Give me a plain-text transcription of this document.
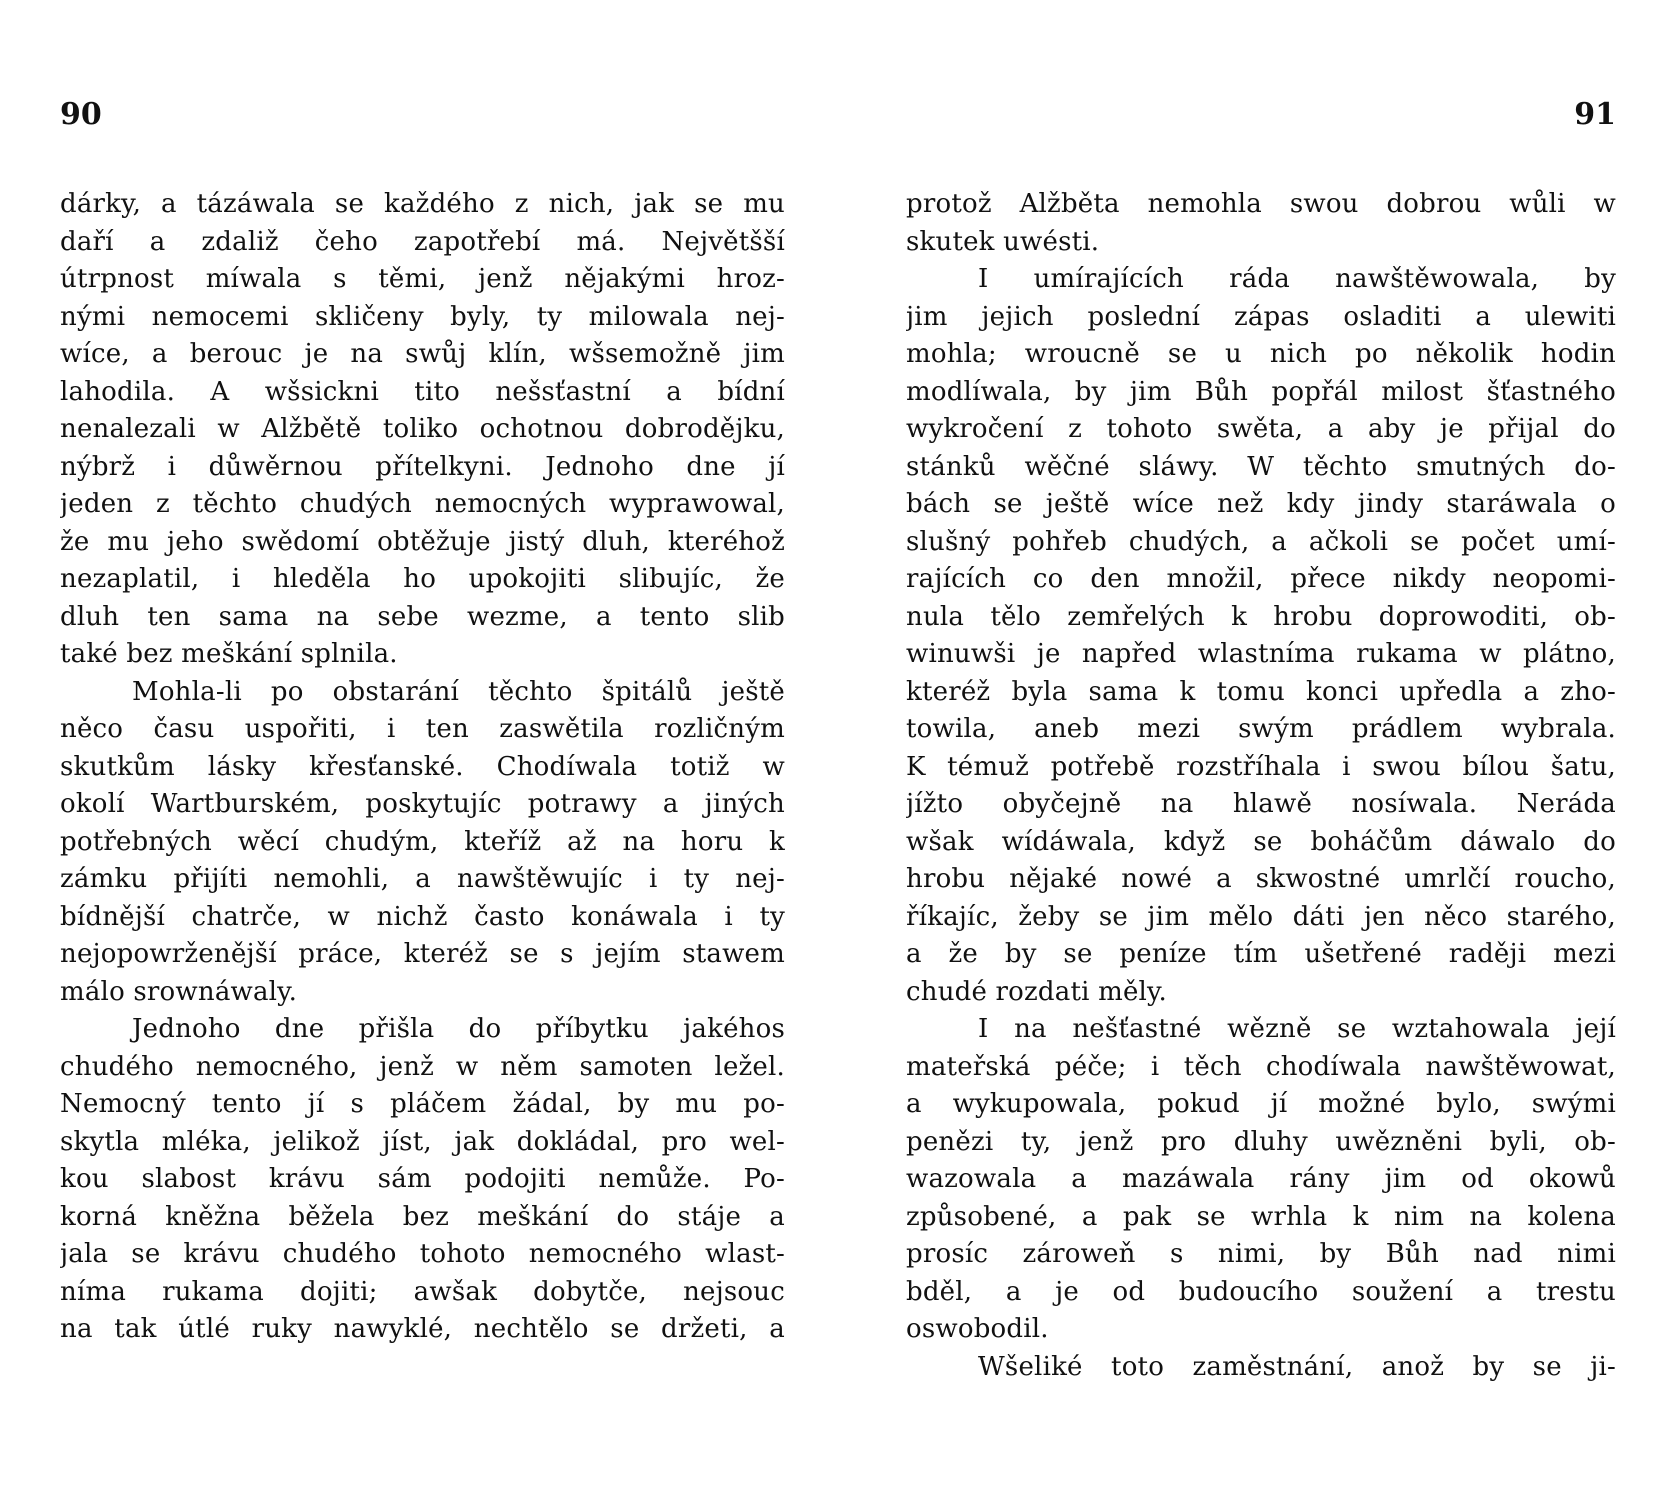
90
dárky, a tázáwala se každého z nich, jak se mu
daří a zdaliž čeho zapotřebí má. Největšší
útrpnost míwala s těmi, jenž nějakými hroz-
nými nemocemi skličeny byly, ty milowala nej-
wíce, a berouc je na swůj klín, wšsemožně jim
lahodila. A wšsickni tito nešsťastní a bídní
nenalezali w Alžbětě toliko ochotnou dobroděјku,
nýbrž i důwěrnou přítelkyni. Jednoho dne jí
jeden z těchto chudých nemocných wyprawowal,
že mu jeho swědomí obtěžuje jistý dluh, kteréhož
nezaplatil, i hleděla ho upokojiti slibujíc, že
dluh ten sama na sebe wezme, a tento slib
také bez meškání splnila.
Mohla-li po obstarání těchto špitálů ještě
něco času uspořiti, i ten zaswětila rozličným
skutkům lásky křesťanské. Chodíwala totiž w
okolí Wartburském, poskytujíc potrawy a jiných
potřebných wěcí chudým, kteříž až na horu k
zámku přijíti nemohli, a nawštěwujíc i ty nej-
bídnější chatrče, w nichž často konáwala i ty
nejopowrženější práce, kteréž se s jejím stawem
málo srownáwaly.
Jednoho dne přišla do příbytku jakéhos
chudého nemocného, jenž w něm samoten ležel.
Nemocný tento jí s pláčem žádal, by mu po-
skytla mléka, jelikož jíst, jak dokládal, pro wel-
kou slabost krávu sám podojiti nemůže. Po-
korná kněžna běžela bez meškání do stáje a
jala se krávu chudého tohoto nemocného wlast-
níma rukama dojiti; awšak dobytče, nejsouc
na tak útlé ruky nawyklé, nechtělo se držeti, a
91
protož Alžběta nemohla swou dobrou wůli w
skutek uwésti.
I umírajících ráda nawštěwowala, by
jim jejich poslední zápas osladiti a ulewiti
mohla; wroucně se u nich po několik hodin
modlíwala, by jim Bůh popřál milost šťastného
wykročení z tohoto swěta, a aby je přijal do
stánků wěčné sláwy. W těchto smutných do-
bách se ještě wíce než kdy jindy staráwala o
slušný pohřeb chudých, a ačkoli se počet umí-
rajících co den množil, přece nikdy neopomi-
nula tělo zemřelých k hrobu doprowoditi, ob-
winuwši je napřed wlastníma rukama w plátno,
kteréž byla sama k tomu konci upředla a zho-
towila, aneb mezi swým prádlem wybrala.
K témuž potřebě rozstříhala i swou bílou šatu,
jížto obyčejně na hlawě nosíwala. Neráda
wšak wídáwala, když se boháčům dáwalo do
hrobu nějaké nowé a skwostné umrlčí roucho,
říkajíc, žeby se jim mělo dáti jen něco starého,
a že by se peníze tím ušetřené raději mezi
chudé rozdati měly.
I na nešťastné wězně se wztahowala její
mateřská péče; i těch chodíwala nawštěwowat,
a wykupowala, pokud jí možné bylo, swými
penězi ty, jenž pro dluhy uwězněni byli, ob-
wazowala a mazáwala rány jim od okowů
způsobené, a pak se wrhla k nim na kolena
prosíc zároweň s nimi, by Bůh nad nimi
bděl, a je od budoucího soužení a trestu
oswobodil.
Wšeliké toto zaměstnání, anož by se ji-
